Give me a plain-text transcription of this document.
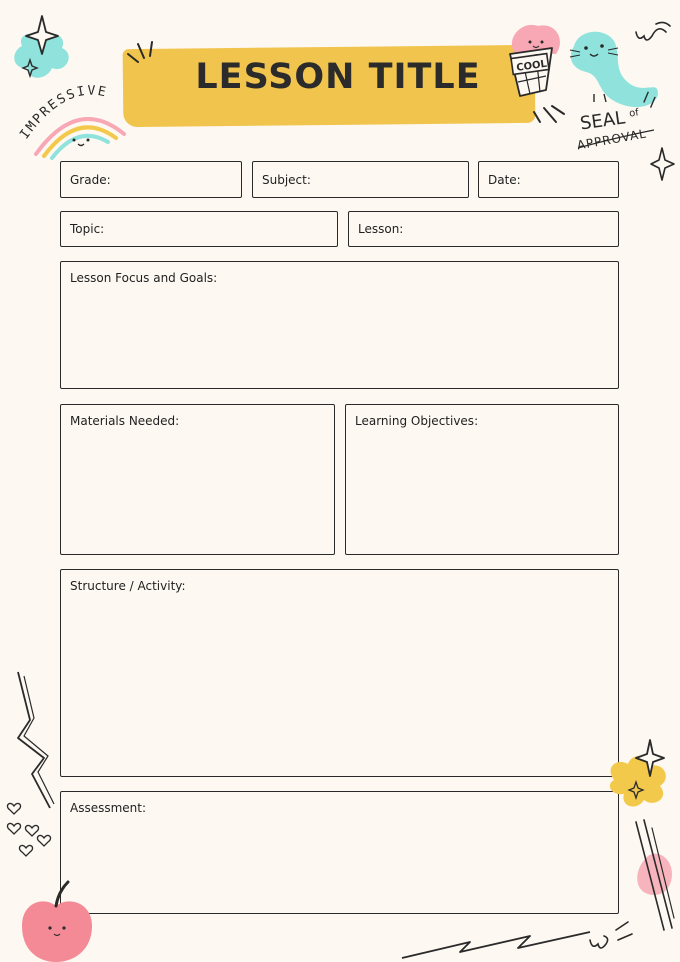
LESSON TITLE
IMPRESSIVE
COOL
SEAL of
APPROVAL
Grade:	Subject:	Date:
Topic:	Lesson:
Lesson Focus and Goals:
Materials Needed:	Learning Objectives:
Structure / Activity:
Assessment:
